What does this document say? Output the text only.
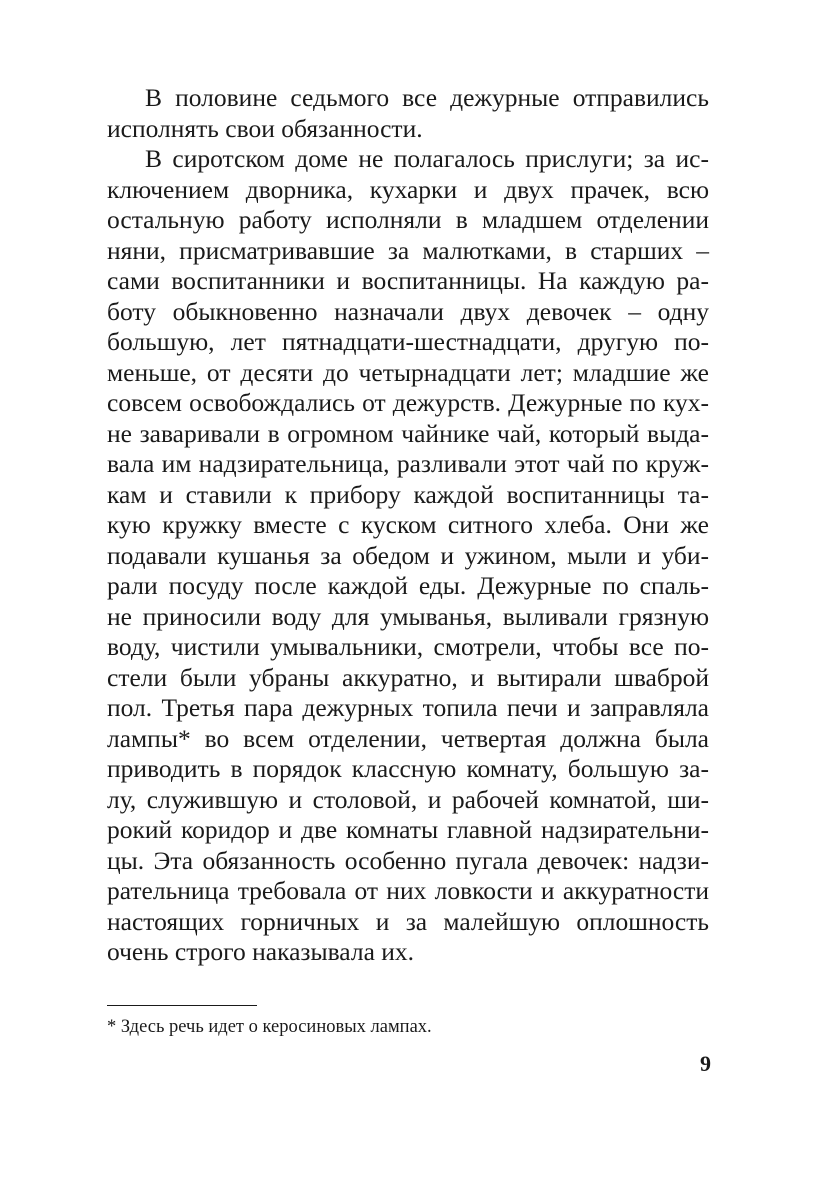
В половине седьмого все дежурные отправились
исполнять свои обязанности.
В сиротском доме не полагалось прислуги; за ис-
ключением дворника, кухарки и двух прачек, всю
остальную работу исполняли в младшем отделении
няни, присматривавшие за малютками, в старших –
сами воспитанники и воспитанницы. На каждую ра-
боту обыкновенно назначали двух девочек – одну
большую, лет пятнадцати-шестнадцати, другую по-
меньше, от десяти до четырнадцати лет; младшие же
совсем освобождались от дежурств. Дежурные по кух-
не заваривали в огромном чайнике чай, который выда-
вала им надзирательница, разливали этот чай по круж-
кам и ставили к прибору каждой воспитанницы та-
кую кружку вместе с куском ситного хлеба. Они же
подавали кушанья за обедом и ужином, мыли и уби-
рали посуду после каждой еды. Дежурные по спаль-
не приносили воду для умыванья, выливали грязную
воду, чистили умывальники, смотрели, чтобы все по-
стели были убраны аккуратно, и вытирали шваброй
пол. Третья пара дежурных топила печи и заправляла
лампы* во всем отделении, четвертая должна была
приводить в порядок классную комнату, большую за-
лу, служившую и столовой, и рабочей комнатой, ши-
рокий коридор и две комнаты главной надзирательни-
цы. Эта обязанность особенно пугала девочек: надзи-
рательница требовала от них ловкости и аккуратности
настоящих горничных и за малейшую оплошность
очень строго наказывала их.
* Здесь речь идет о керосиновых лампах.
9
